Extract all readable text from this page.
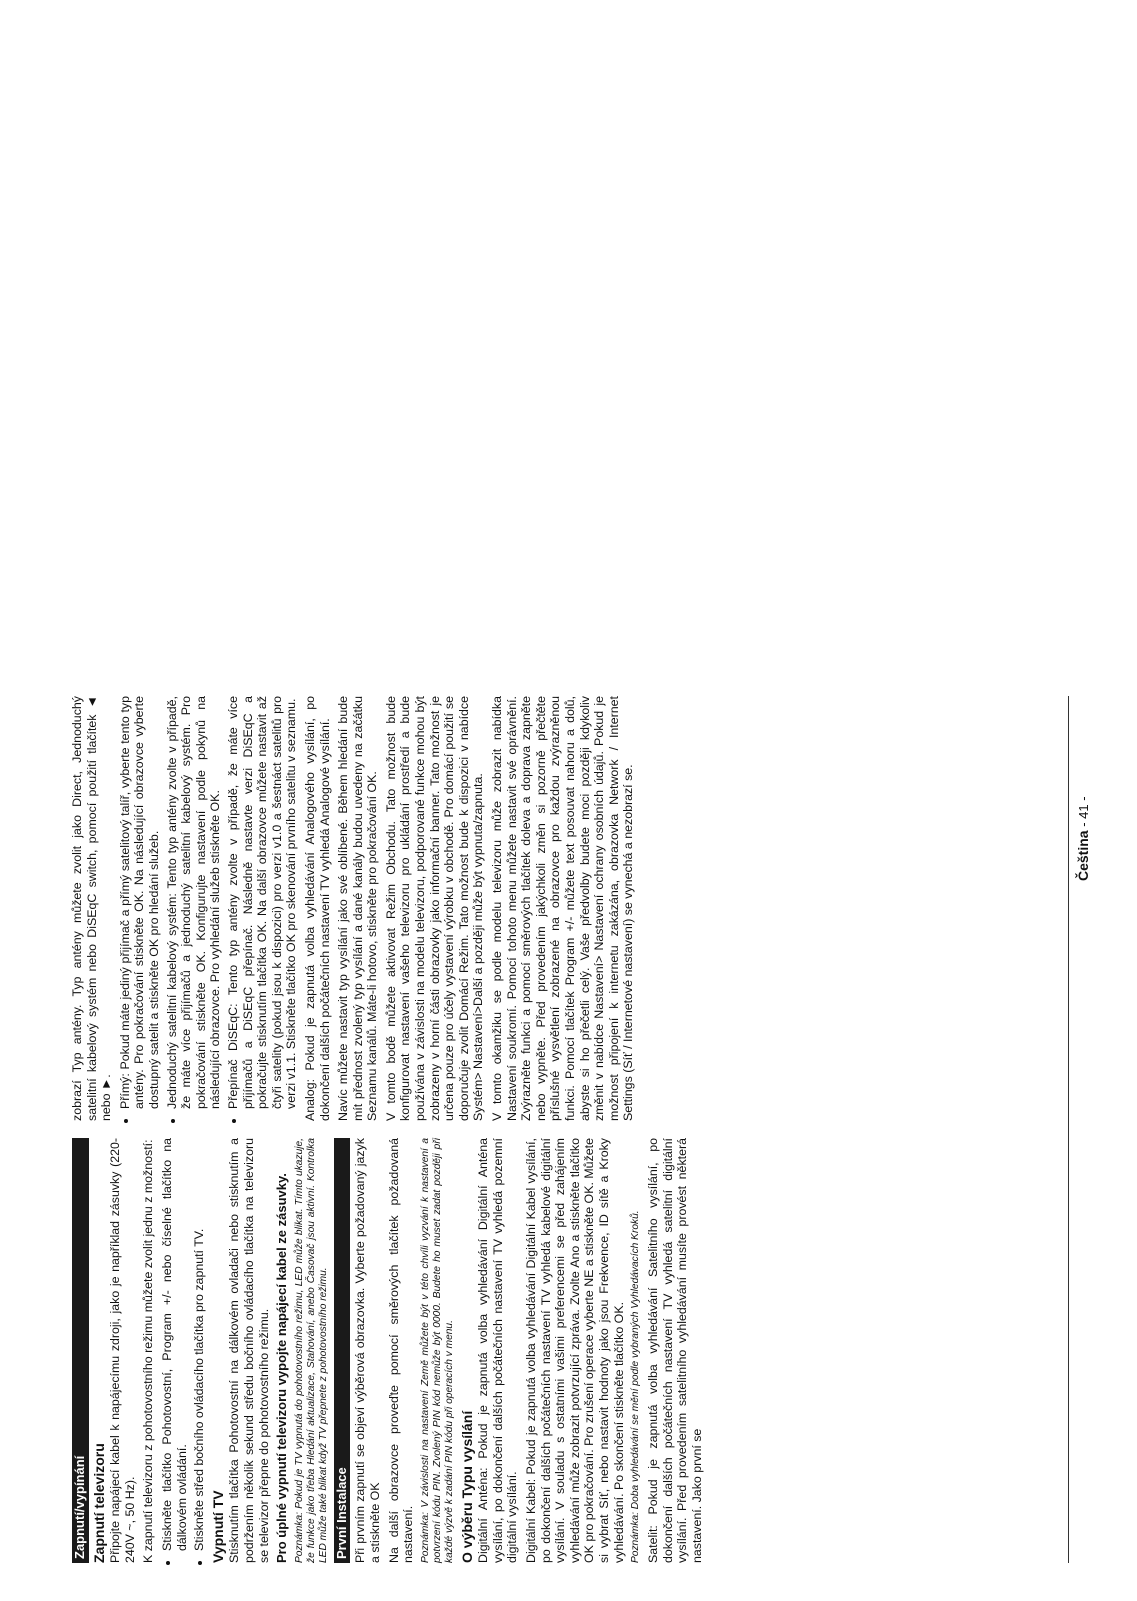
Zapnutí/vypínání Zapnutí televizoru Připojte napájecí kabel k napájecímu zdroji, jako je například zásuvky (220-240V ~, 50 Hz). K zapnutí televizoru z pohotovostního režimu můžete zvolit jednu z možností: • Stiskněte tlačítko Pohotovostní, Program +/- nebo číselné tlačítko na dálkovém ovládání. • Stiskněte střed bočního ovládacího tlačítka pro zapnutí TV. Vypnutí TV Stisknutím tlačítka Pohotovostní na dálkovém ovladači nebo stisknutím a podržením několik sekund středu bočního ovládacího tlačítka na televizoru se televizor přepne do pohotovostního režimu. Pro úplné vypnutí televizoru vypojte napájecí kabel ze zásuvky. Poznámka: Pokud je TV vypnutá do pohotovostního režimu, LED může blikat. Tímto ukazuje, že funkce jako třeba Hledání aktualizace, Stahování, anebo Časovač jsou aktivní. Kontrolka LED může také blikat když TV přepnete z pohotovostního režimu. První Instalace Při prvním zapnutí se objeví výběrová obrazovka. Vyberte požadovaný jazyk a stiskněte OK Na další obrazovce proveďte pomocí směrových tlačítek požadovaná nastavení. Poznámka: V závislosti na nastavení Země můžete být v této chvíli vyzvání k nastavení a potvrzení kódu PIN. Zvolený PIN kód nemůže být 0000. Budete ho muset zadat později při každé výzvě k zadání PIN kódu při operacích v menu. O výběru Typu vysílání Digitální Anténa: Pokud je zapnutá volba vyhledávání Digitální Anténa vysílání, po dokončení dalších počátečních nastavení TV vyhledá pozemní digitální vysílání. Digitální Kabel: Pokud je zapnutá volba vyhledávání Digitální Kabel vysílání, po dokončení dalších počátečních nastavení TV vyhledá kabelové digitální vysílání. V souladu s ostatními vašimi preferencemi se před zahájením vyhledávání může zobrazit potvrzující zpráva. Zvolte Ano a stiskněte tlačítko OK pro pokračování. Pro zrušení operace vyberte NE a stiskněte OK. Můžete si vybrat Síť, nebo nastavit hodnoty jako jsou Frekvence, ID sítě a Kroky vyhledávání. Po skončení stiskněte tlačítko OK. Poznámka: Doba vyhledávání se mění podle vybraných Vyhledávacích Kroků. Satelit: Pokud je zapnutá volba vyhledávání Satelitního vysílání, po dokončení dalších počátečních nastavení TV vyhledá satelitní digitální vysílání. Před provedením satelitního vyhledávání musíte provést některá nastavení. Jako první se

zobrazí Typ antény. Typ antény můžete zvolit jako Direct, Jednoduchý satelitní kabelový systém nebo DiSEqC switch, pomocí použití tlačítek ◄ nebo ►. • Přímý: Pokud máte jediný přijímač a přímý satelitový talíř, vyberte tento typ antény. Pro pokračování stiskněte OK. Na následující obrazovce vyberte dostupný satelit a stiskněte OK pro hledání služeb. • Jednoduchý satelitní kabelový systém: Tento typ antény zvolte v případě, že máte více přijímačů a jednoduchý satelitní kabelový systém. Pro pokračování stiskněte OK. Konfigurujte nastavení podle pokynů na následující obrazovce. Pro vyhledání služeb stiskněte OK. • Přepínač DiSEqC: Tento typ antény zvolte v případě, že máte více přijímačů a DiSEqC přepínač. Následně nastavte verzi DiSEqC a pokračujte stisknutím tlačítka OK. Na další obrazovce můžete nastavit až čtyři satelity (pokud jsou k dispozici) pro verzi v1.0 a šestnáct satelitů pro verzi v1.1. Stiskněte tlačítko OK pro skenování prvního satelitu v seznamu. Analog: Pokud je zapnutá volba vyhledávání Analogového vysílání, po dokončení dalších počátečních nastavení TV vyhledá Analogové vysílání. Navíc můžete nastavit typ vysílání jako své oblíbené. Během hledání bude mít přednost zvolený typ vysílání a dané kanály budou uvedeny na začátku Seznamu kanálů. Máte-li hotovo, stiskněte pro pokračování OK. V tomto bodě můžete aktivovat Režim Obchodu. Tato možnost bude konfigurovat nastavení vašeho televizoru pro ukládání prostředí a bude používána v závislosti na modelu televizoru, podporované funkce mohou být zobrazeny v horní části obrazovky jako informační banner. Tato možnost je určena pouze pro účely vystavení výrobku v obchodě. Pro domácí použití se doporučuje zvolit Domácí Režim. Tato možnost bude k dispozici v nabídce Systém> Nastavení>Další a později může být vypnuta/zapnuta. V tomto okamžiku se podle modelu televizoru může zobrazit nabídka Nastavení soukromí. Pomocí tohoto menu můžete nastavit své oprávnění. Zvýrazněte funkci a pomocí směrových tlačítek doleva a doprava zapněte nebo vypněte. Před provedením jakýchkoli změn si pozorně přečtěte příslušné vysvětlení zobrazené na obrazovce pro každou zvýrazněnou funkci. Pomocí tlačítek Program +/- můžete text posouvat nahoru a dolů, abyste si ho přečetli celý. Vaše předvolby budete moci později kdykoliv změnit v nabídce Nastavení> Nastavení ochrany osobních údajů. Pokud je možnost připojení k internetu zakázána, obrazovka Network / Internet Settings (Síť / Internetové nastavení) se vynechá a nezobrazí se.	Čeština - 41 -
